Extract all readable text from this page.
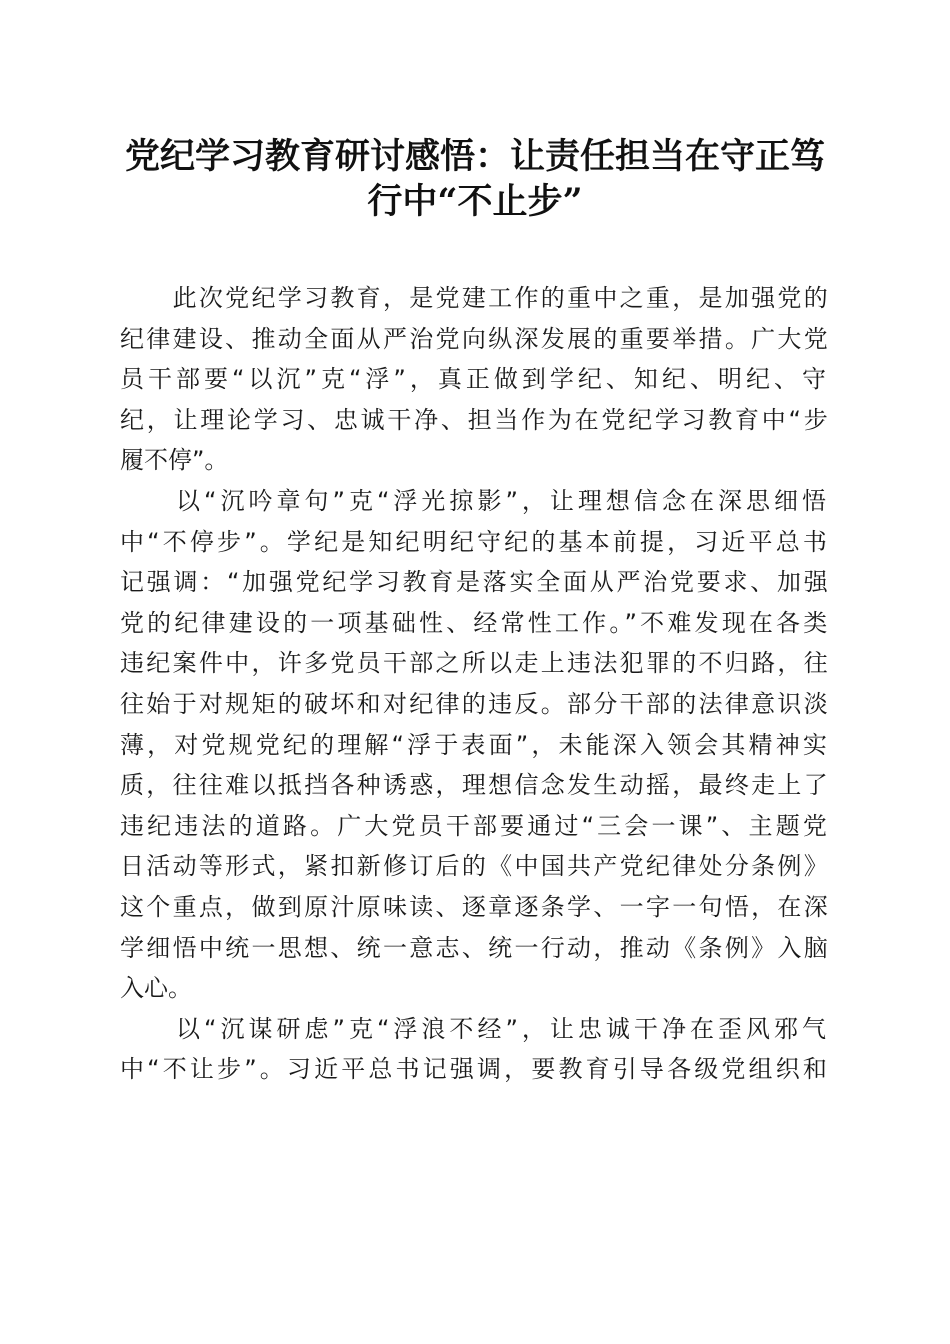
党纪学习教育研讨感悟：让责任担当在守正笃
行中“不止步”
　　此次党纪学习教育，是党建工作的重中之重，是加强党的
纪律建设、推动全面从严治党向纵深发展的重要举措。广大党
员干部要“以沉”克“浮”，真正做到学纪、知纪、明纪、守
纪，让理论学习、忠诚干净、担当作为在党纪学习教育中“步
履不停”。
　　以“沉吟章句”克“浮光掠影”，让理想信念在深思细悟
中“不停步”。学纪是知纪明纪守纪的基本前提，习近平总书
记强调：“加强党纪学习教育是落实全面从严治党要求、加强
党的纪律建设的一项基础性、经常性工作。”不难发现在各类
违纪案件中，许多党员干部之所以走上违法犯罪的不归路，往
往始于对规矩的破坏和对纪律的违反。部分干部的法律意识淡
薄，对党规党纪的理解“浮于表面”，未能深入领会其精神实
质，往往难以抵挡各种诱惑，理想信念发生动摇，最终走上了
违纪违法的道路。广大党员干部要通过“三会一课”、主题党
日活动等形式，紧扣新修订后的《中国共产党纪律处分条例》
这个重点，做到原汁原味读、逐章逐条学、一字一句悟，在深
学细悟中统一思想、统一意志、统一行动，推动《条例》入脑
入心。
　　以“沉谋研虑”克“浮浪不经”，让忠诚干净在歪风邪气
中“不让步”。习近平总书记强调，要教育引导各级党组织和
